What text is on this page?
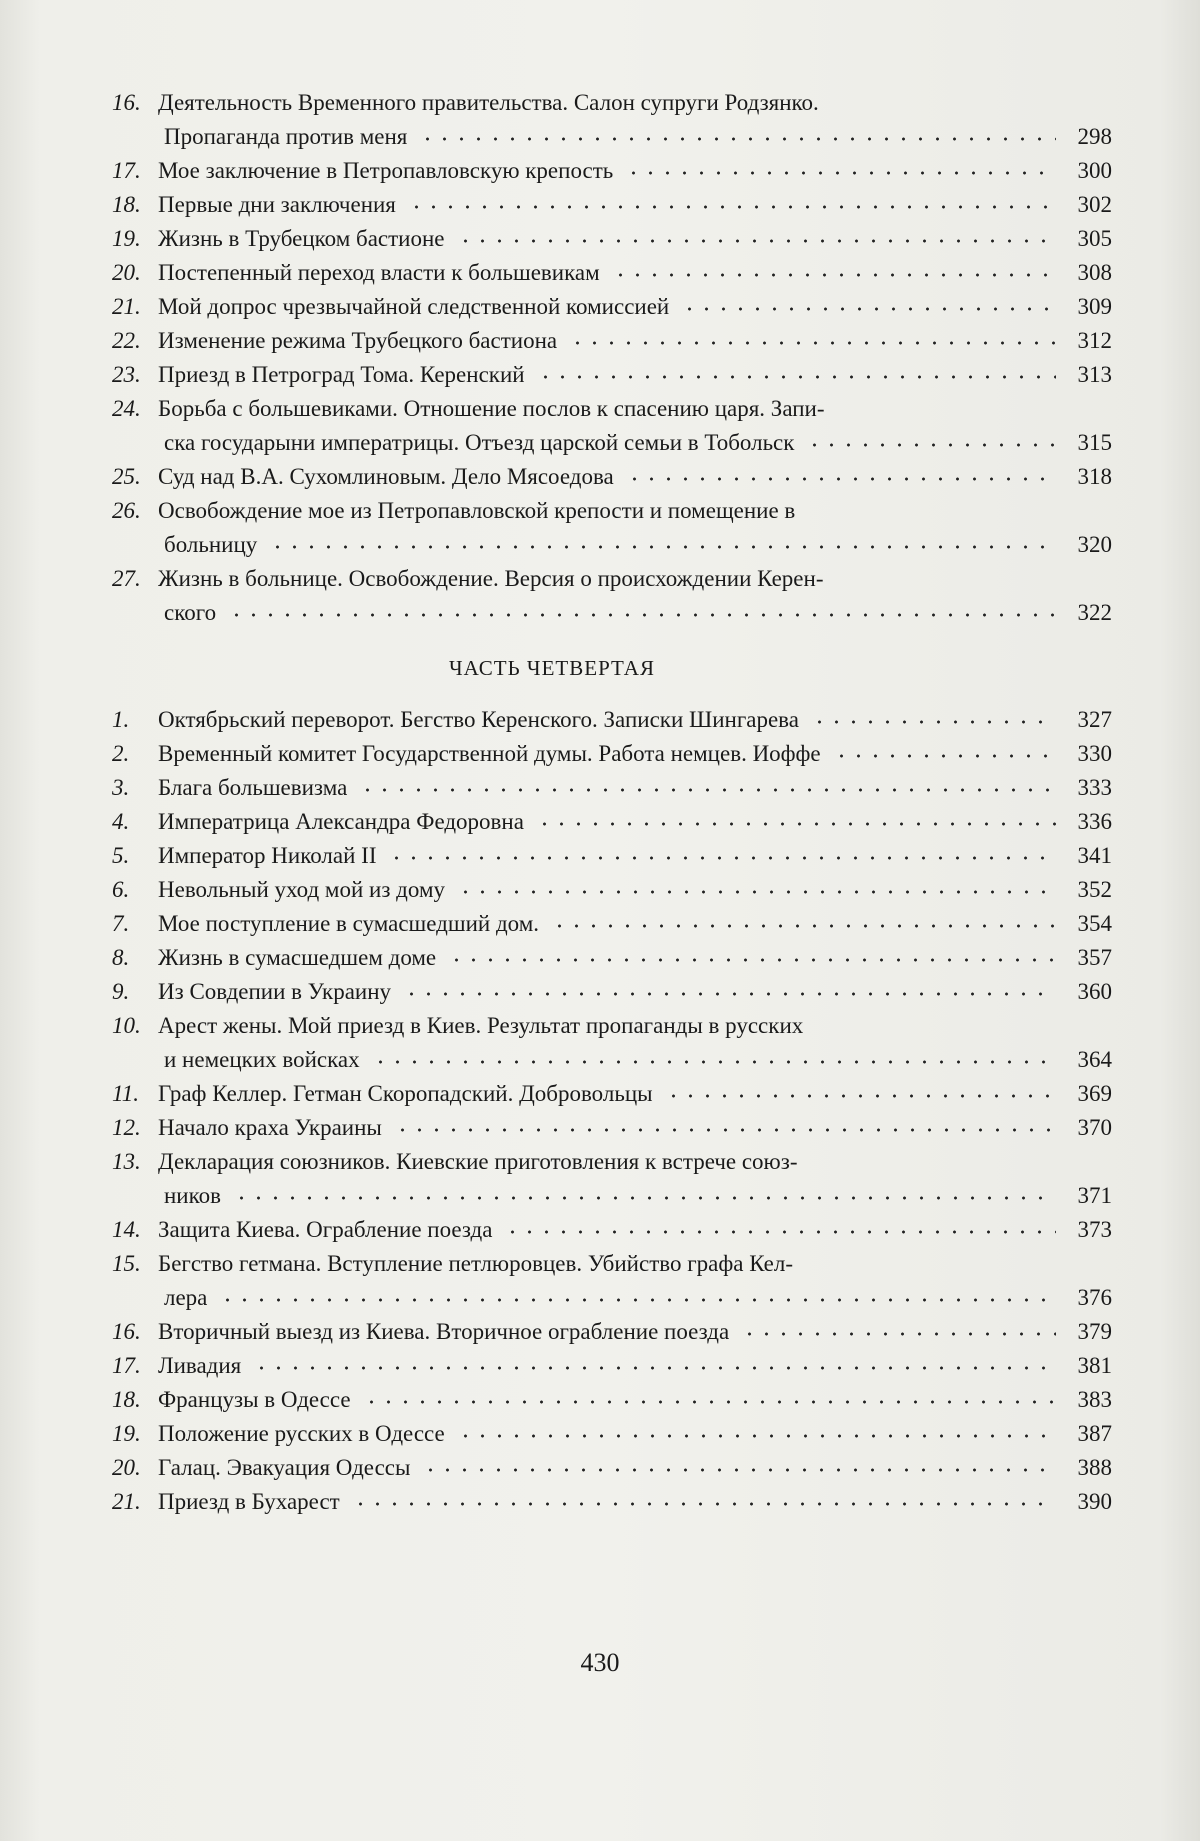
16. Деятельность Временного правительства. Салон супруги Родзянко.
Пропаганда против меня	298
17. Мое заключение в Петропавловскую крепость	300
18. Первые дни заключения	302
19. Жизнь в Трубецком бастионе	305
20. Постепенный переход власти к большевикам	308
21. Мой допрос чрезвычайной следственной комиссией	309
22. Изменение режима Трубецкого бастиона	312
23. Приезд в Петроград Тома. Керенский	313
24. Борьба с большевиками. Отношение послов к спасению царя. Запи-
ска государыни императрицы. Отъезд царской семьи в Тобольск	315
25. Суд над В.А. Сухомлиновым. Дело Мясоедова	318
26. Освобождение мое из Петропавловской крепости и помещение в
больницу	320
27. Жизнь в больнице. Освобождение. Версия о происхождении Керен-
ского	322
ЧАСТЬ ЧЕТВЕРТАЯ
1.	Октябрьский переворот. Бегство Керенского. Записки Шингарева	327
2.	Временный комитет Государственной думы. Работа немцев. Иоффе	330
3.	Блага большевизма	333
4.	Императрица Александра Федоровна	336
5.	Император Николай II	341
6.	Невольный уход мой из дому	352
7.	Мое поступление в сумасшедший дом.	354
8.	Жизнь в сумасшедшем доме	357
9.	Из Совдепии в Украину	360
10. Арест жены. Мой приезд в Киев. Результат пропаганды в русских
и немецких войсках	364
11. Граф Келлер. Гетман Скоропадский. Добровольцы	369
12. Начало краха Украины	370
13. Декларация союзников. Киевские приготовления к встрече союз-
ников	371
14. Защита Киева. Ограбление поезда	373
15. Бегство гетмана. Вступление петлюровцев. Убийство графа Кел-
лера	376
16. Вторичный выезд из Киева. Вторичное ограбление поезда	379
17. Ливадия	381
18. Французы в Одессе	383
19. Положение русских в Одессе	387
20. Галац. Эвакуация Одессы	388
21. Приезд в Бухарест	390
430
